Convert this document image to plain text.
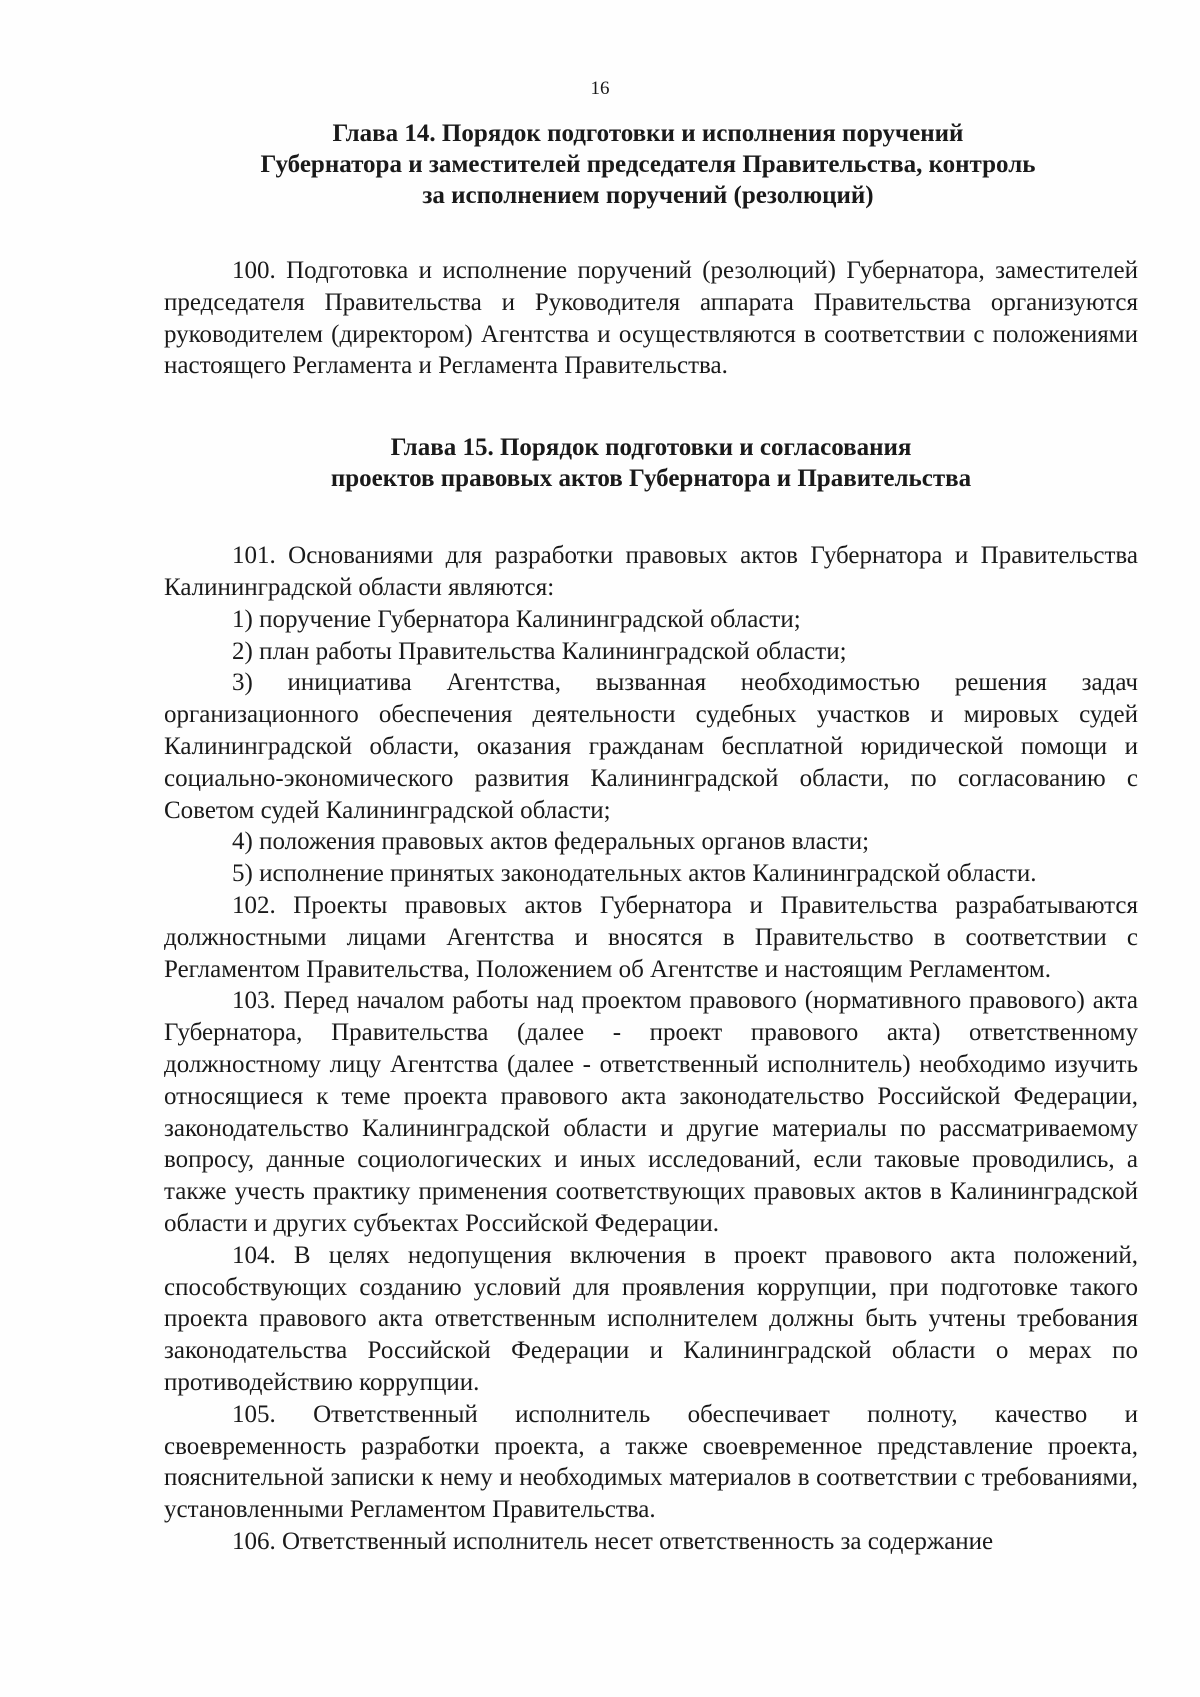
16

Глава 14. Порядок подготовки и исполнения поручений
Губернатора и заместителей председателя Правительства, контроль
за исполнением поручений (резолюций)

100. Подготовка и исполнение поручений (резолюций) Губернатора, заместителей председателя Правительства и Руководителя аппарата Правительства организуются руководителем (директором) Агентства и осуществляются в соответствии с положениями настоящего Регламента и Регламента Правительства.

Глава 15. Порядок подготовки и согласования
проектов правовых актов Губернатора и Правительства

101. Основаниями для разработки правовых актов Губернатора и Правительства Калининградской области являются:

1) поручение Губернатора Калининградской области;

2) план работы Правительства Калининградской области;

3) инициатива Агентства, вызванная необходимостью решения задач организационного обеспечения деятельности судебных участков и мировых судей Калининградской области, оказания гражданам бесплатной юридической помощи и социально-экономического развития Калининградской области, по согласованию с Советом судей Калининградской области;

4) положения правовых актов федеральных органов власти;

5) исполнение принятых законодательных актов Калининградской области.

102. Проекты правовых актов Губернатора и Правительства разрабатываются должностными лицами Агентства и вносятся в Правительство в соответствии с Регламентом Правительства, Положением об Агентстве и настоящим Регламентом.

103. Перед началом работы над проектом правового (нормативного правового) акта Губернатора, Правительства (далее - проект правового акта) ответственному должностному лицу Агентства (далее - ответственный исполнитель) необходимо изучить относящиеся к теме проекта правового акта законодательство Российской Федерации, законодательство Калининградской области и другие материалы по рассматриваемому вопросу, данные социологических и иных исследований, если таковые проводились, а также учесть практику применения соответствующих правовых актов в Калининградской области и других субъектах Российской Федерации.

104. В целях недопущения включения в проект правового акта положений, способствующих созданию условий для проявления коррупции, при подготовке такого проекта правового акта ответственным исполнителем должны быть учтены требования законодательства Российской Федерации и Калининградской области о мерах по противодействию коррупции.

105. Ответственный исполнитель обеспечивает полноту, качество и своевременность разработки проекта, а также своевременное представление проекта, пояснительной записки к нему и необходимых материалов в соответствии с требованиями, установленными Регламентом Правительства.

106. Ответственный исполнитель несет ответственность за содержание
